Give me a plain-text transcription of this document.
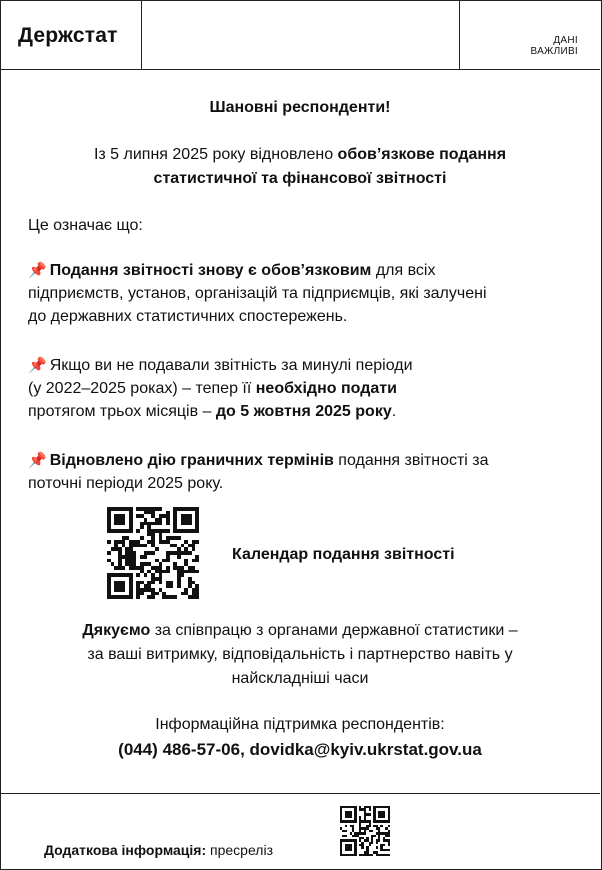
Держстат	ДАНІ
ВАЖЛИВІ
Шановні респонденти!
Із 5 липня 2025 року відновлено обов’язкове подання
статистичної та фінансової звітності
Це означає що:
📌 Подання звітності знову є обов’язковим для всіх
підприємств, установ, організацій та підприємців, які залучені
до державних статистичних спостережень.
📌 Якщо ви не подавали звітність за минулі періоди
(у 2022–2025 роках) – тепер її необхідно подати
протягом трьох місяців – до 5 жовтня 2025 року.
📌 Відновлено дію граничних термінів подання звітності за
поточні періоди 2025 року.
Календар подання звітності
Дякуємо за співпрацю з органами державної статистики –
за ваші витримку, відповідальність і партнерство навіть у
найскладніші часи
Інформаційна підтримка респондентів:
(044) 486-57-06, dovidka@kyiv.ukrstat.gov.ua
Додаткова інформація: пресреліз
